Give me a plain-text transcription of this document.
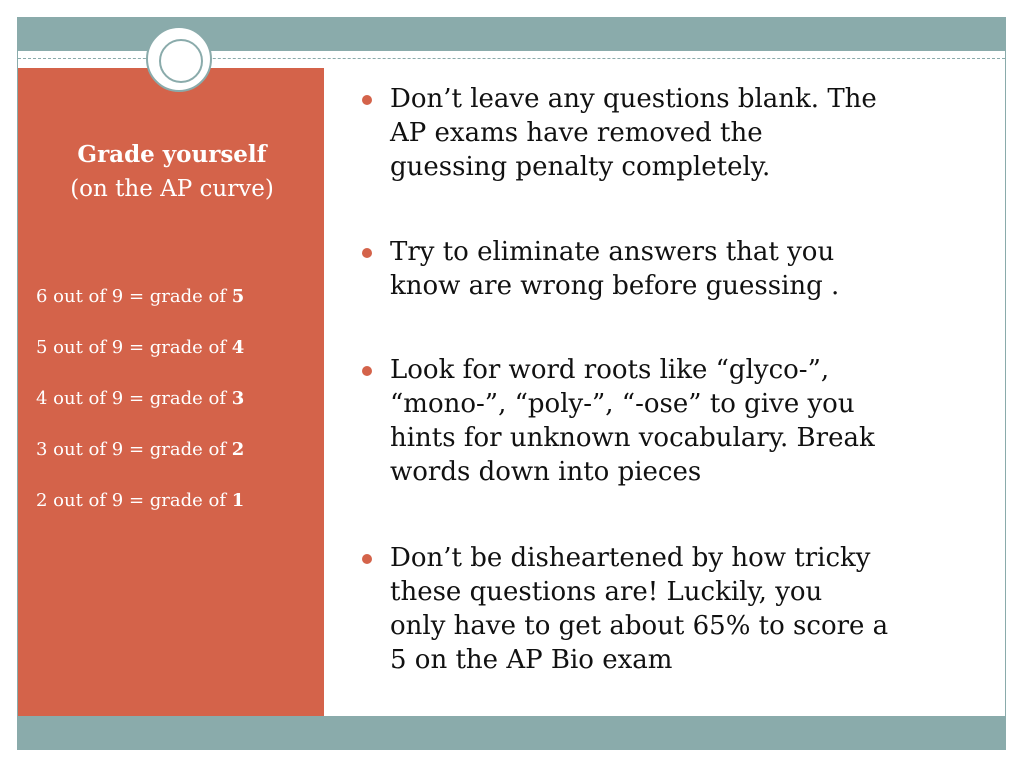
Grade yourself
(on the AP curve)
6 out of 9 = grade of 5
5 out of 9 = grade of 4
4 out of 9 = grade of 3
3 out of 9 = grade of 2
2 out of 9 = grade of 1
Don’t leave any questions blank. The
AP exams have removed the
guessing penalty completely.
Try to eliminate answers that you
know are wrong before guessing .
Look for word roots like “glyco-”,
“mono-”, “poly-”, “-ose” to give you
hints for unknown vocabulary. Break
words down into pieces
Don’t be disheartened by how tricky
these questions are! Luckily, you
only have to get about 65% to score a
5 on the AP Bio exam
